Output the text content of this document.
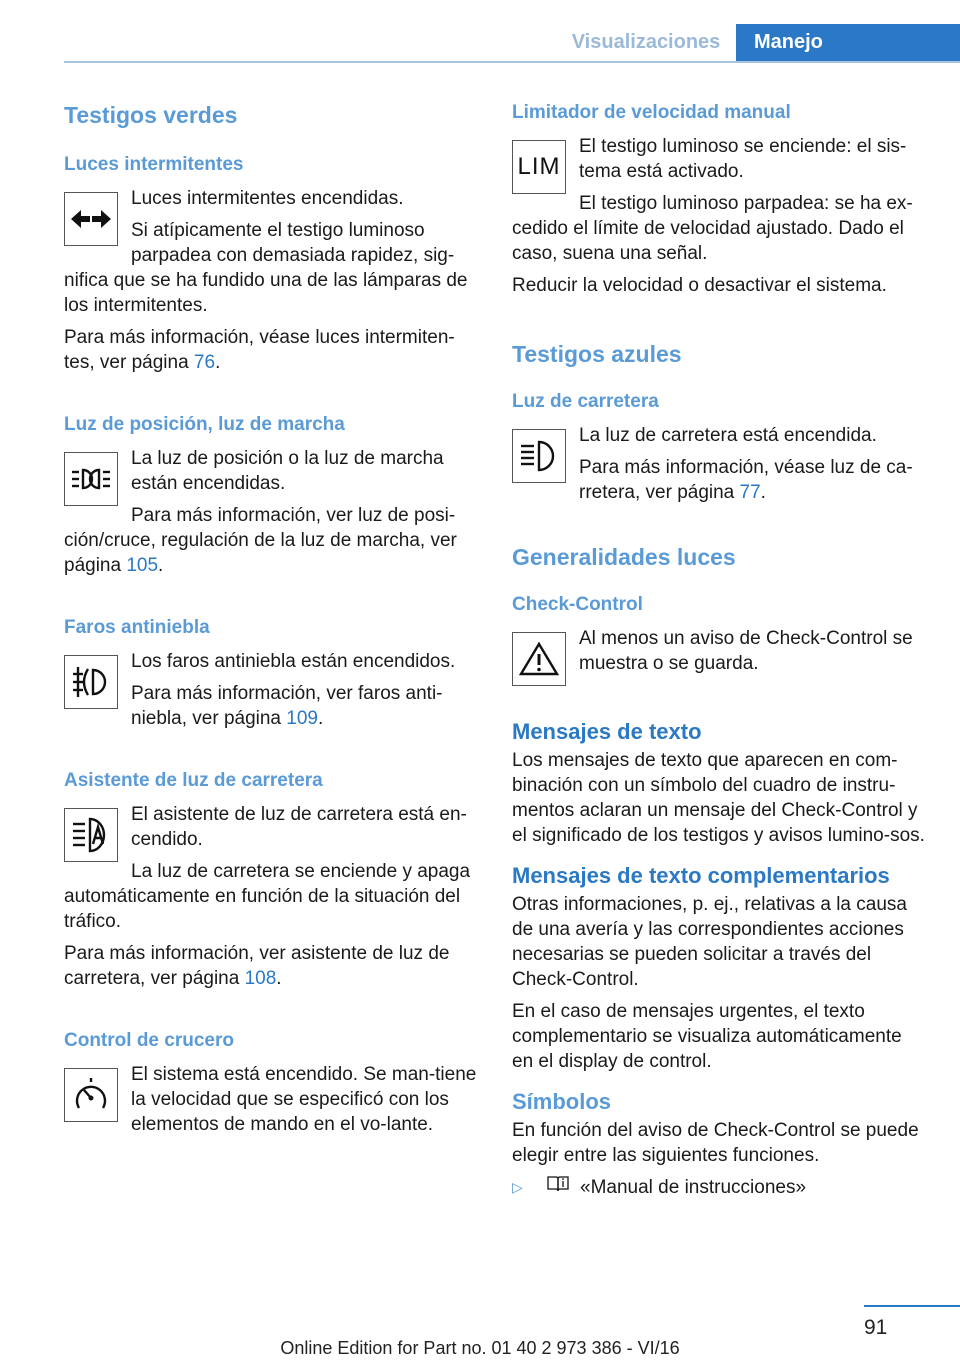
Visualizaciones	Manejo
Testigos verdes
Luces intermitentes

Luces intermitentes encendidas.

Si atípicamente el testigo luminoso parpadea con demasiada rapidez, sig-nifica que se ha fundido una de las lámparas de los intermitentes.

Para más información, véase luces intermiten-tes, ver página 76.

Luz de posición, luz de marcha

La luz de posición o la luz de marcha están encendidas.

Para más información, ver luz de posi-ción/cruce, regulación de la luz de marcha, ver página 105.

Faros antiniebla

Los faros antiniebla están encendidos.

Para más información, ver faros anti-niebla, ver página 109.

Asistente de luz de carretera

El asistente de luz de carretera está en-cendido.

La luz de carretera se enciende y apaga automáticamente en función de la situación del tráfico.

Para más información, ver asistente de luz de carretera, ver página 108.

Control de crucero

El sistema está encendido. Se man-tiene la velocidad que se especificó con los elementos de mando en el vo-lante.

Limitador de velocidad manual
LIM

El testigo luminoso se enciende: el sis-tema está activado.

El testigo luminoso parpadea: se ha ex-cedido el límite de velocidad ajustado. Dado el caso, suena una señal.

Reducir la velocidad o desactivar el sistema.

Testigos azules
Luz de carretera

La luz de carretera está encendida.

Para más información, véase luz de ca-rretera, ver página 77.

Generalidades luces
Check-Control

Al menos un aviso de Check-Control se muestra o se guarda.

Mensajes de texto

Los mensajes de texto que aparecen en com-binación con un símbolo del cuadro de instru-mentos aclaran un mensaje del Check-Control y el significado de los testigos y avisos lumino-sos.

Mensajes de texto complementarios

Otras informaciones, p. ej., relativas a la causa de una avería y las correspondientes acciones necesarias se pueden solicitar a través del Check-Control.

En el caso de mensajes urgentes, el texto complementario se visualiza automáticamente en el display de control.

Símbolos

En función del aviso de Check-Control se puede elegir entre las siguientes funciones.

▷	«Manual de instrucciones»
91
Online Edition for Part no. 01 40 2 973 386 - VI/16
